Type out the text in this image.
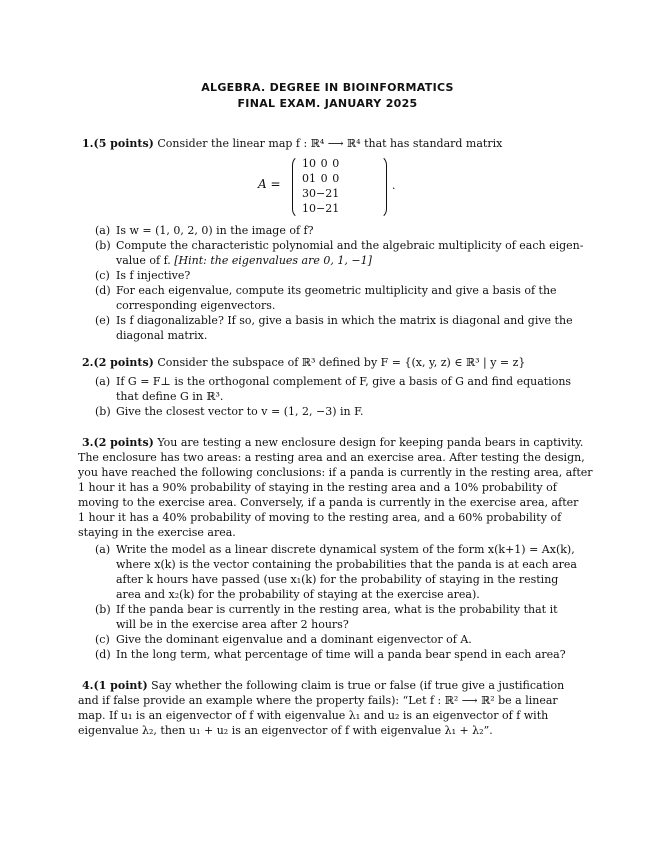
ALGEBRA. DEGREE IN BIOINFORMATICS
FINAL EXAM. JANUARY 2025
1.(5 points) Consider the linear map f : ℝ⁴ ⟶ ℝ⁴ that has standard matrix
A =
1	0	0	0
0	1	0	0
3	0	−2	1
1	0	−2	1
.
(a) Is w = (1, 0, 2, 0) in the image of f?
(b) Compute the characteristic polynomial and the algebraic multiplicity of each eigen-
value of f. [Hint: the eigenvalues are 0, 1, −1]
(c) Is f injective?
(d) For each eigenvalue, compute its geometric multiplicity and give a basis of the
corresponding eigenvectors.
(e) Is f diagonalizable? If so, give a basis in which the matrix is diagonal and give the
diagonal matrix.
2.(2 points) Consider the subspace of ℝ³ defined by F = {(x, y, z) ∈ ℝ³ | y = z}
(a) If G = F⊥ is the orthogonal complement of F, give a basis of G and find equations
that define G in ℝ³.
(b) Give the closest vector to v = (1, 2, −3) in F.
3.(2 points) You are testing a new enclosure design for keeping panda bears in captivity.
The enclosure has two areas: a resting area and an exercise area. After testing the design,
you have reached the following conclusions: if a panda is currently in the resting area, after
1 hour it has a 90% probability of staying in the resting area and a 10% probability of
moving to the exercise area. Conversely, if a panda is currently in the exercise area, after
1 hour it has a 40% probability of moving to the resting area, and a 60% probability of
staying in the exercise area.
(a) Write the model as a linear discrete dynamical system of the form x(k+1) = Ax(k),
where x(k) is the vector containing the probabilities that the panda is at each area
after k hours have passed (use x₁(k) for the probability of staying in the resting
area and x₂(k) for the probability of staying at the exercise area).
(b) If the panda bear is currently in the resting area, what is the probability that it
will be in the exercise area after 2 hours?
(c) Give the dominant eigenvalue and a dominant eigenvector of A.
(d) In the long term, what percentage of time will a panda bear spend in each area?
4.(1 point) Say whether the following claim is true or false (if true give a justification
and if false provide an example where the property fails): “Let f : ℝ² ⟶ ℝ² be a linear
map. If u₁ is an eigenvector of f with eigenvalue λ₁ and u₂ is an eigenvector of f with
eigenvalue λ₂, then u₁ + u₂ is an eigenvector of f with eigenvalue λ₁ + λ₂”.
